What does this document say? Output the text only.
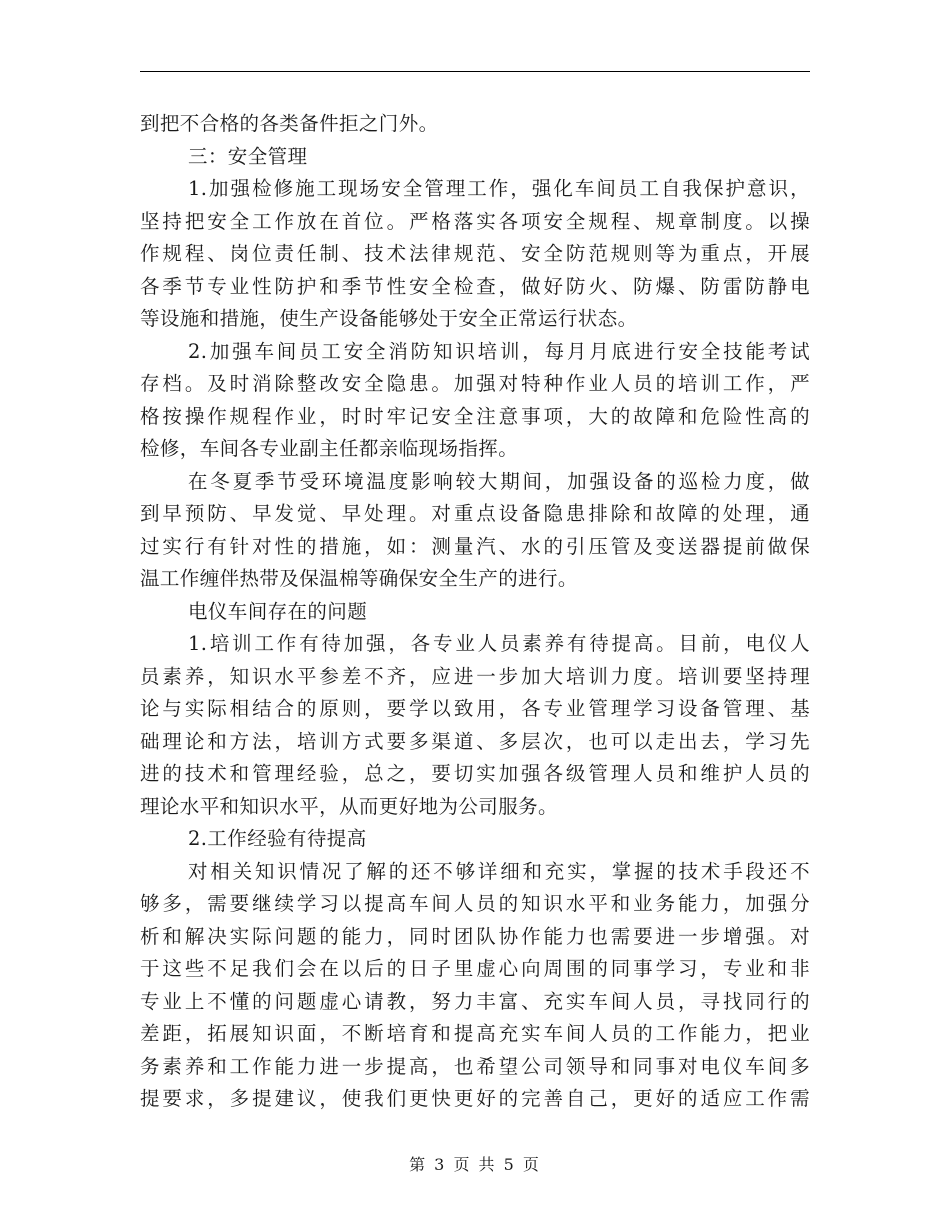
到把不合格的各类备件拒之门外。
三：安全管理
1.加强检修施工现场安全管理工作，强化车间员工自我保护意识，
坚持把安全工作放在首位。严格落实各项安全规程、规章制度。以操
作规程、岗位责任制、技术法律规范、安全防范规则等为重点，开展
各季节专业性防护和季节性安全检查，做好防火、防爆、防雷防静电
等设施和措施，使生产设备能够处于安全正常运行状态。
2.加强车间员工安全消防知识培训，每月月底进行安全技能考试
存档。及时消除整改安全隐患。加强对特种作业人员的培训工作，严
格按操作规程作业，时时牢记安全注意事项，大的故障和危险性高的
检修，车间各专业副主任都亲临现场指挥。
在冬夏季节受环境温度影响较大期间，加强设备的巡检力度，做
到早预防、早发觉、早处理。对重点设备隐患排除和故障的处理，通
过实行有针对性的措施，如：测量汽、水的引压管及变送器提前做保
温工作缠伴热带及保温棉等确保安全生产的进行。
电仪车间存在的问题
1.培训工作有待加强，各专业人员素养有待提高。目前，电仪人
员素养，知识水平参差不齐，应进一步加大培训力度。培训要坚持理
论与实际相结合的原则，要学以致用，各专业管理学习设备管理、基
础理论和方法，培训方式要多渠道、多层次，也可以走出去，学习先
进的技术和管理经验，总之，要切实加强各级管理人员和维护人员的
理论水平和知识水平，从而更好地为公司服务。
2.工作经验有待提高
对相关知识情况了解的还不够详细和充实，掌握的技术手段还不
够多，需要继续学习以提高车间人员的知识水平和业务能力，加强分
析和解决实际问题的能力，同时团队协作能力也需要进一步增强。对
于这些不足我们会在以后的日子里虚心向周围的同事学习，专业和非
专业上不懂的问题虚心请教，努力丰富、充实车间人员，寻找同行的
差距，拓展知识面，不断培育和提高充实车间人员的工作能力，把业
务素养和工作能力进一步提高，也希望公司领导和同事对电仪车间多
提要求，多提建议，使我们更快更好的完善自己，更好的适应工作需
第 3 页 共 5 页
